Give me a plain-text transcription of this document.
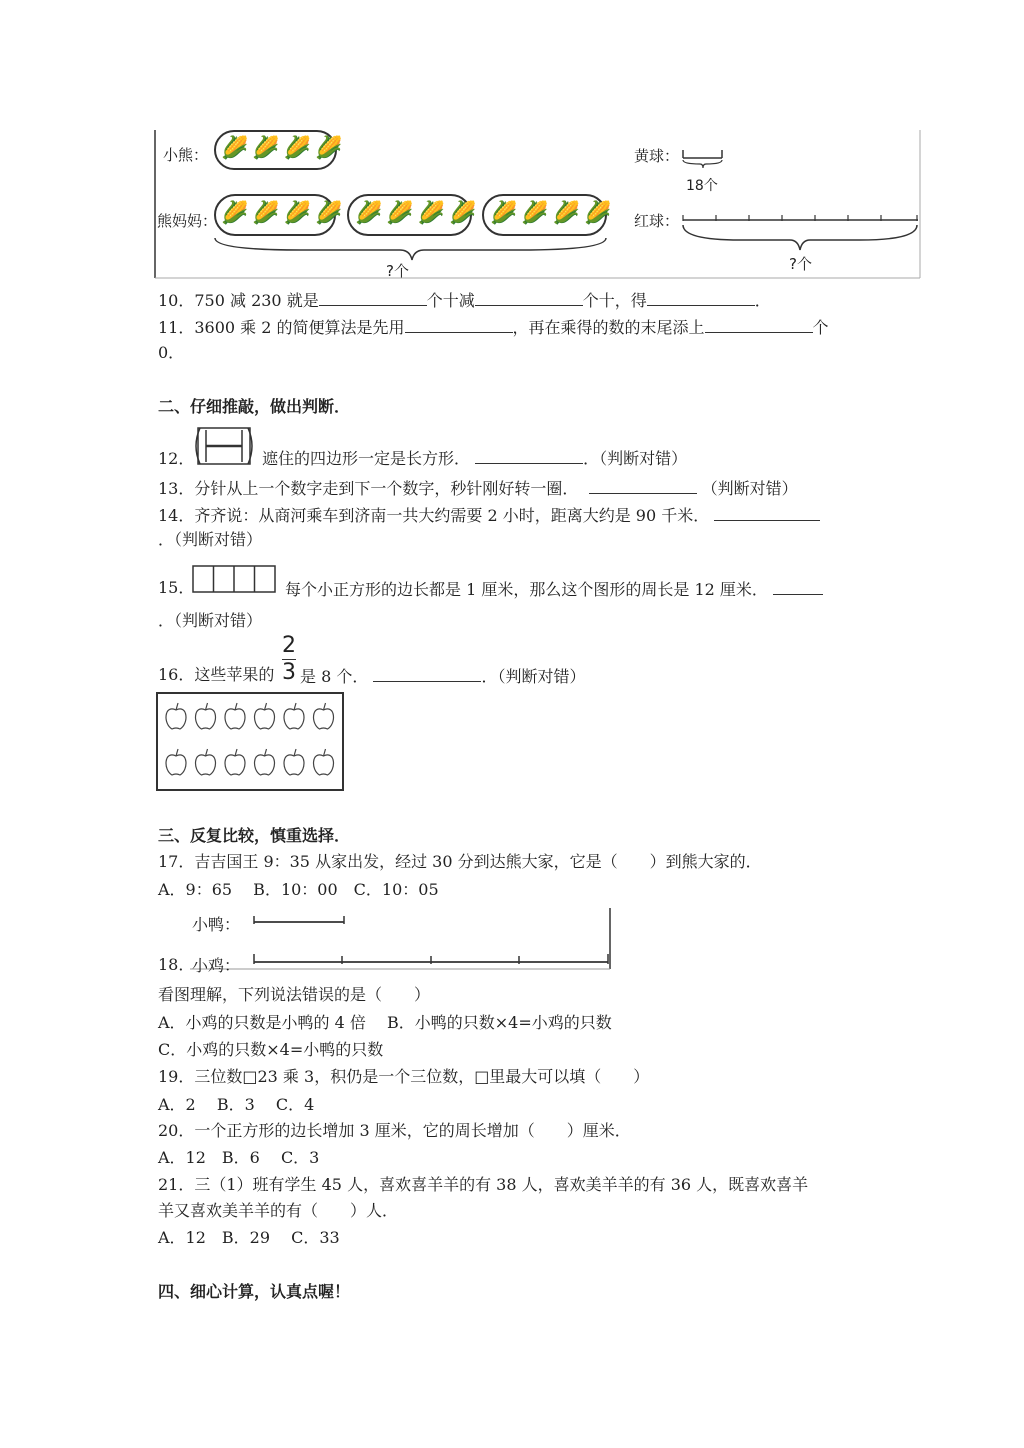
🌽🌽🌽🌽
🌽🌽🌽🌽 🌽🌽🌽🌽 🌽🌽🌽🌽
小熊：
熊妈妈：
?个
黄球：
18个
红球：
?个
10．750 减 230 就是	个十减	个十，得	．
11．3600 乘 2 的简便算法是先用	，再在乘得的数的末尾添上	个
0．
二、仔细推敲，做出判断．
12．	遮住的四边形一定是长方形．	．（判断对错）
13．分针从上一个数字走到下一个数字，秒针刚好转一圈．	（判断对错）
14．齐齐说：从商河乘车到济南一共大约需要 2 小时，距离大约是 90 千米．
．（判断对错）
15．	每个小正方形的边长都是 1 厘米，那么这个图形的周长是 12 厘米．
．（判断对错）
16．这些苹果的
2
3 是 8 个．	．（判断对错）
三、反复比较，慎重选择．
17．吉吉国王 9：35 从家出发，经过 30 分到达熊大家，它是（　　）到熊大家的．
A．9：65　 B．10：00　C．10：05
小鸭：
18．
小鸡：
看图理解，下列说法错误的是（　　）
A．小鸡的只数是小鸭的 4 倍　 B．小鸭的只数×4=小鸡的只数
C．小鸡的只数×4=小鸭的只数
19．三位数□23 乘 3，积仍是一个三位数，□里最大可以填（　　）
A．2　 B．3　 C．4
20．一个正方形的边长增加 3 厘米，它的周长增加（　　）厘米．
A．12　B．6　 C．3
21．三（1）班有学生 45 人，喜欢喜羊羊的有 38 人，喜欢美羊羊的有 36 人，既喜欢喜羊
羊又喜欢美羊羊的有（　　）人．
A．12　B．29　 C．33
四、细心计算，认真点喔！
